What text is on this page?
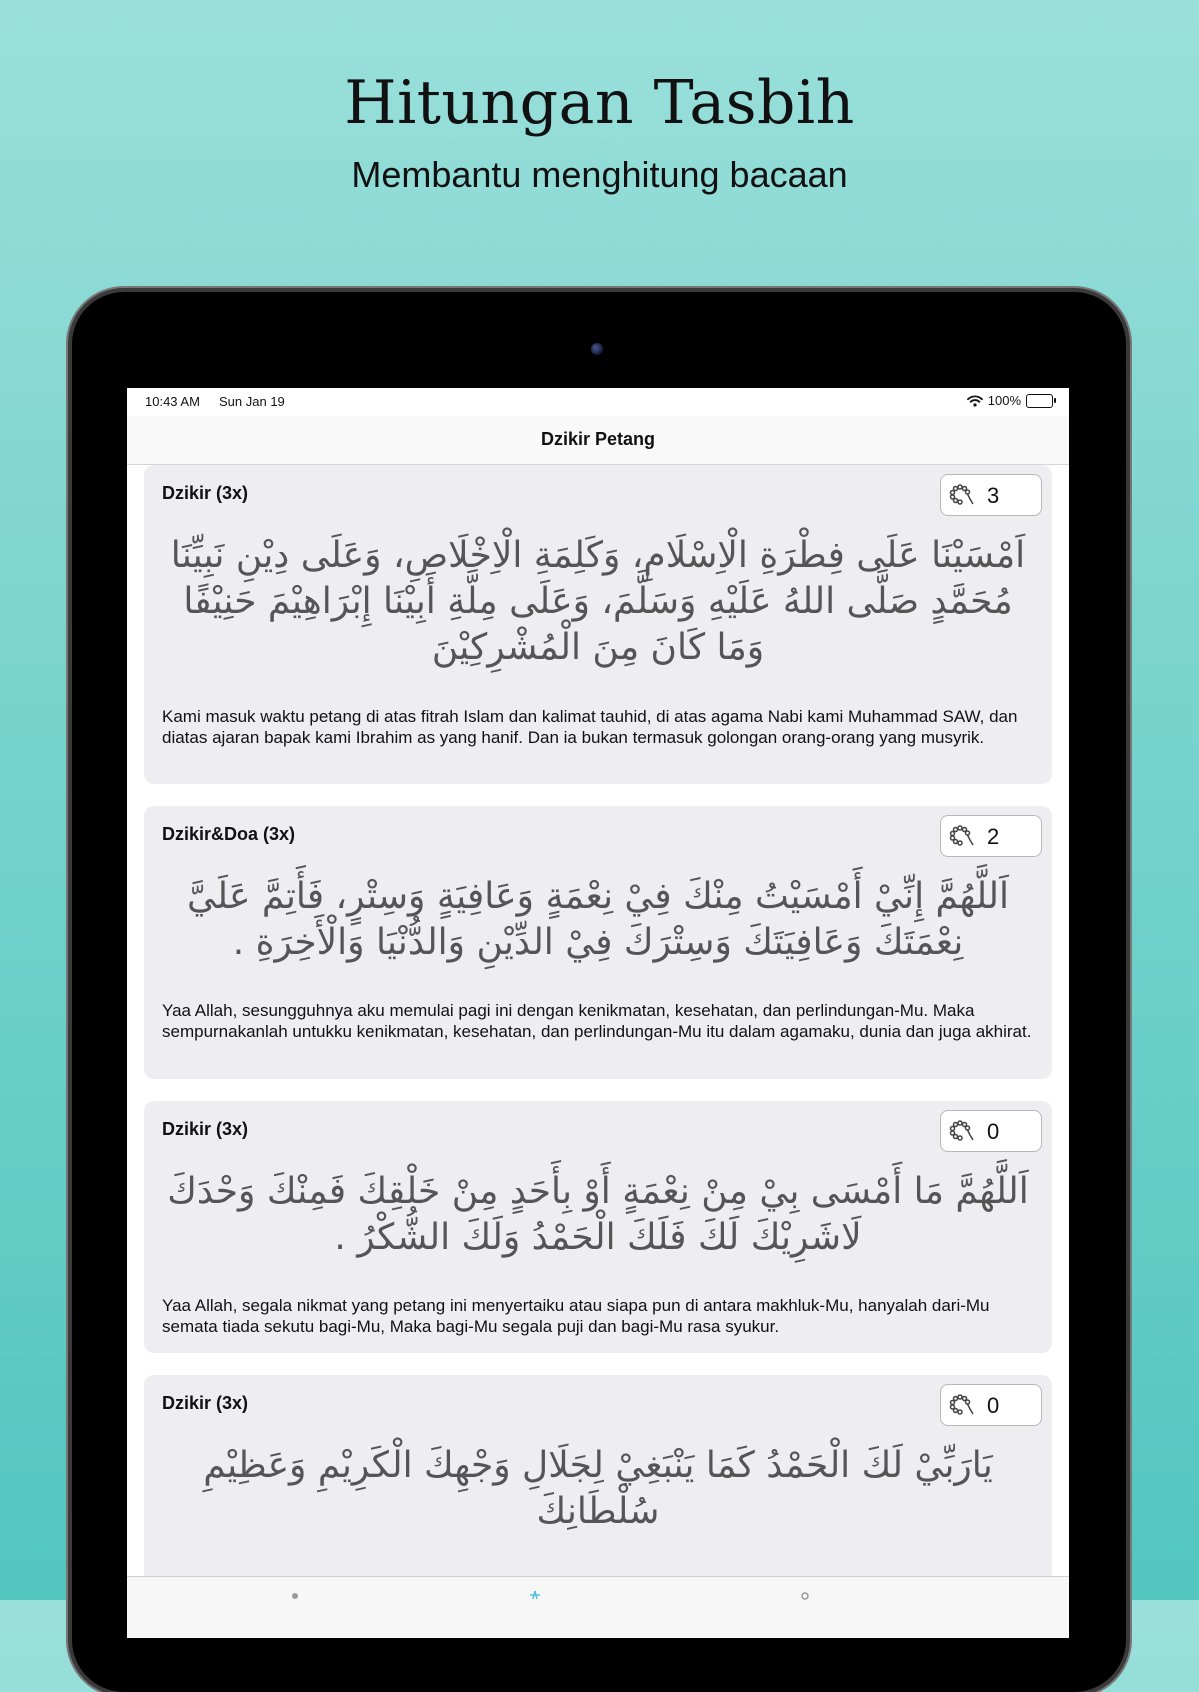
Hitungan Tasbih
Membantu menghitung bacaan
10:43 AM Sun Jan 19	100%
Dzikir Petang
Dzikir (3x)	3
اَمْسَيْنَا عَلَى فِطْرَةِ الْاِسْلَامِ، وَكَلِمَةِ الْاِخْلَاصِ، وَعَلَى دِيْنِ نَبِيِّنَا مُحَمَّدٍ صَلَّى اللهُ عَلَيْهِ وَسَلَّمَ، وَعَلَى مِلَّةِ أَبِيْنَا إِبْرَاهِيْمَ حَنِيْفًا وَمَا كَانَ مِنَ الْمُشْرِكِيْنَ
Kami masuk waktu petang di atas fitrah Islam dan kalimat tauhid, di atas agama Nabi kami Muhammad SAW, dan diatas ajaran bapak kami Ibrahim as yang hanif. Dan ia bukan termasuk golongan orang-orang yang musyrik.
Dzikir&Doa (3x)	2
اَللَّهُمَّ إِنِّيْ أَمْسَيْتُ مِنْكَ فِيْ نِعْمَةٍ وَعَافِيَةٍ وَسِتْرٍ، فَأَتِمَّ عَلَيَّ نِعْمَتَكَ وَعَافِيَتَكَ وَسِتْرَكَ فِيْ الدِّيْنِ وَالدُّنْيَا وَالْأَخِرَةِ .
Yaa Allah, sesungguhnya aku memulai pagi ini dengan kenikmatan, kesehatan, dan perlindungan-Mu. Maka sempurnakanlah untukku kenikmatan, kesehatan, dan perlindungan-Mu itu dalam agamaku, dunia dan juga akhirat.
Dzikir (3x)	0
اَللَّهُمَّ مَا أَمْسَى بِيْ مِنْ نِعْمَةٍ أَوْ بِأَحَدٍ مِنْ خَلْقِكَ فَمِنْكَ وَحْدَكَ لَاشَرِيْكَ لَكَ فَلَكَ الْحَمْدُ وَلَكَ الشُّكْرُ .
Yaa Allah, segala nikmat yang petang ini menyertaiku atau siapa pun di antara makhluk-Mu, hanyalah dari-Mu semata tiada sekutu bagi-Mu, Maka bagi-Mu segala puji dan bagi-Mu rasa syukur.
Dzikir (3x)	0
يَارَبِّيْ لَكَ الْحَمْدُ كَمَا يَنْبَغِيْ لِجَلَالِ وَجْهِكَ الْكَرِيْمِ وَعَظِيْمِ سُلْطَانِكَ
